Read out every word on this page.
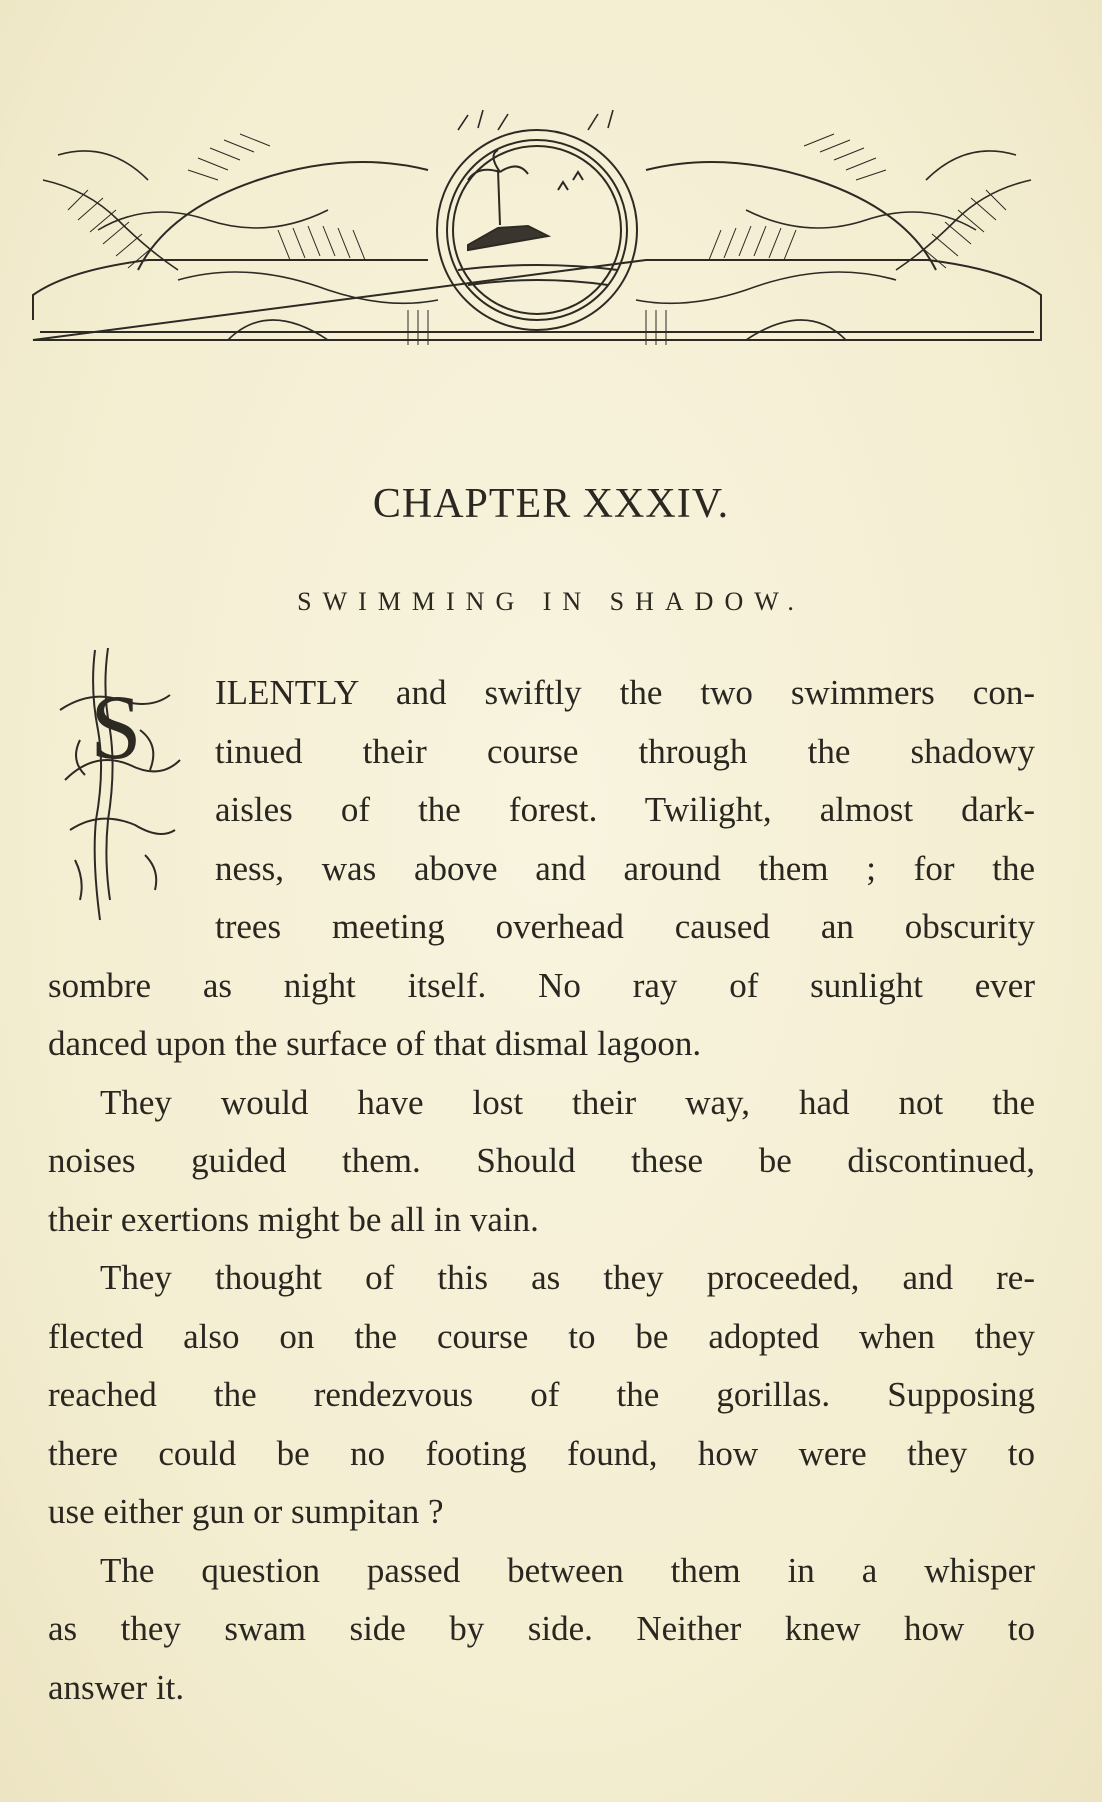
CHAPTER XXXIV.
SWIMMING IN SHADOW.
S ILENTLY and swiftly the two swimmers con-
tinued their course through the shadowy
aisles of the forest. Twilight, almost dark-
ness, was above and around them ; for the
trees meeting overhead caused an obscurity
sombre as night itself. No ray of sunlight ever
danced upon the surface of that dismal lagoon.
They would have lost their way, had not the
noises guided them. Should these be discontinued,
their exertions might be all in vain.
They thought of this as they proceeded, and re-
flected also on the course to be adopted when they
reached the rendezvous of the gorillas. Supposing
there could be no footing found, how were they to
use either gun or sumpitan ?
The question passed between them in a whisper
as they swam side by side. Neither knew how to
answer it.
